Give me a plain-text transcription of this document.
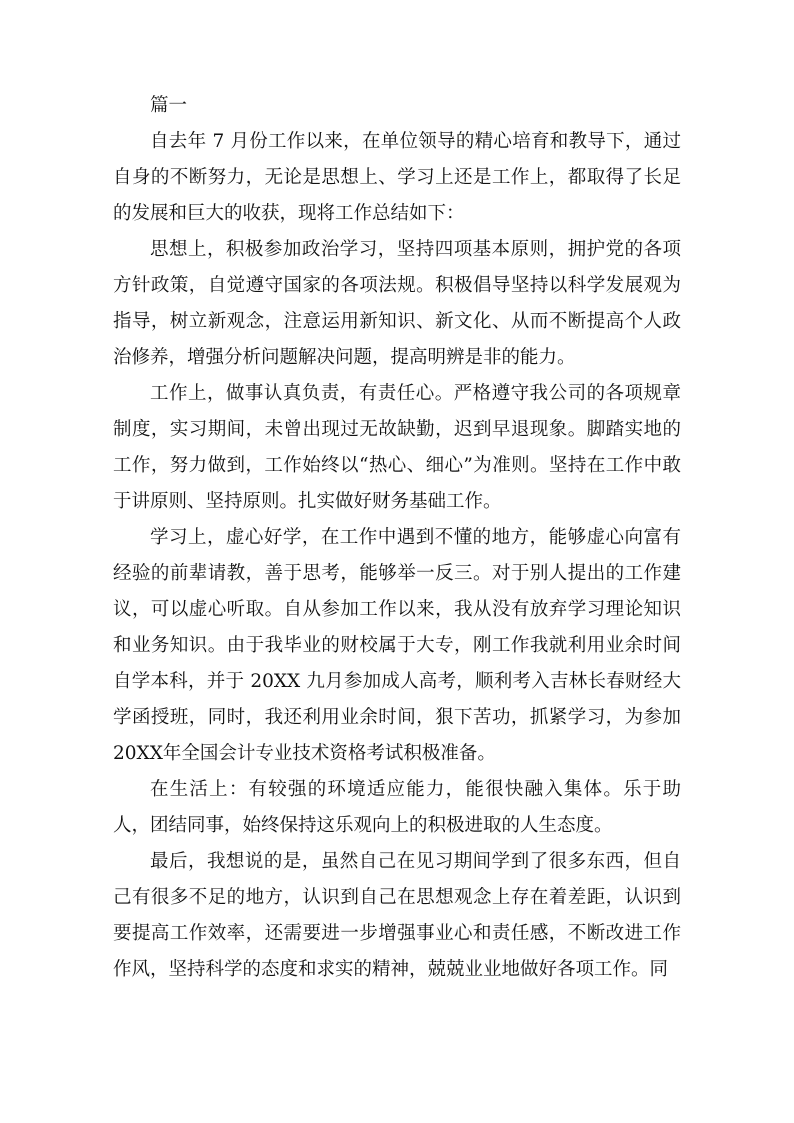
篇一

自去年 7 月份工作以来，在单位领导的精心培育和教导下，通过自身的不断努力，无论是思想上、学习上还是工作上，都取得了长足的发展和巨大的收获，现将工作总结如下：

思想上，积极参加政治学习，坚持四项基本原则，拥护党的各项方针政策，自觉遵守国家的各项法规。积极倡导坚持以科学发展观为指导，树立新观念，注意运用新知识、新文化、从而不断提高个人政治修养，增强分析问题解决问题，提高明辨是非的能力。

工作上，做事认真负责，有责任心。严格遵守我公司的各项规章制度，实习期间，未曾出现过无故缺勤，迟到早退现象。脚踏实地的工作，努力做到，工作始终以“热心、细心”为准则。坚持在工作中敢于讲原则、坚持原则。扎实做好财务基础工作。

学习上，虚心好学，在工作中遇到不懂的地方，能够虚心向富有经验的前辈请教，善于思考，能够举一反三。对于别人提出的工作建议，可以虚心听取。自从参加工作以来，我从没有放弃学习理论知识和业务知识。由于我毕业的财校属于大专，刚工作我就利用业余时间自学本科，并于 20XX 九月参加成人高考，顺利考入吉林长春财经大学函授班，同时，我还利用业余时间，狠下苦功，抓紧学习，为参加 20XX年全国会计专业技术资格考试积极准备。

在生活上：有较强的环境适应能力，能很快融入集体。乐于助人，团结同事，始终保持这乐观向上的积极进取的人生态度。

最后，我想说的是，虽然自己在见习期间学到了很多东西，但自己有很多不足的地方，认识到自己在思想观念上存在着差距，认识到要提高工作效率，还需要进一步增强事业心和责任感，不断改进工作作风，坚持科学的态度和求实的精神，兢兢业业地做好各项工作。同
